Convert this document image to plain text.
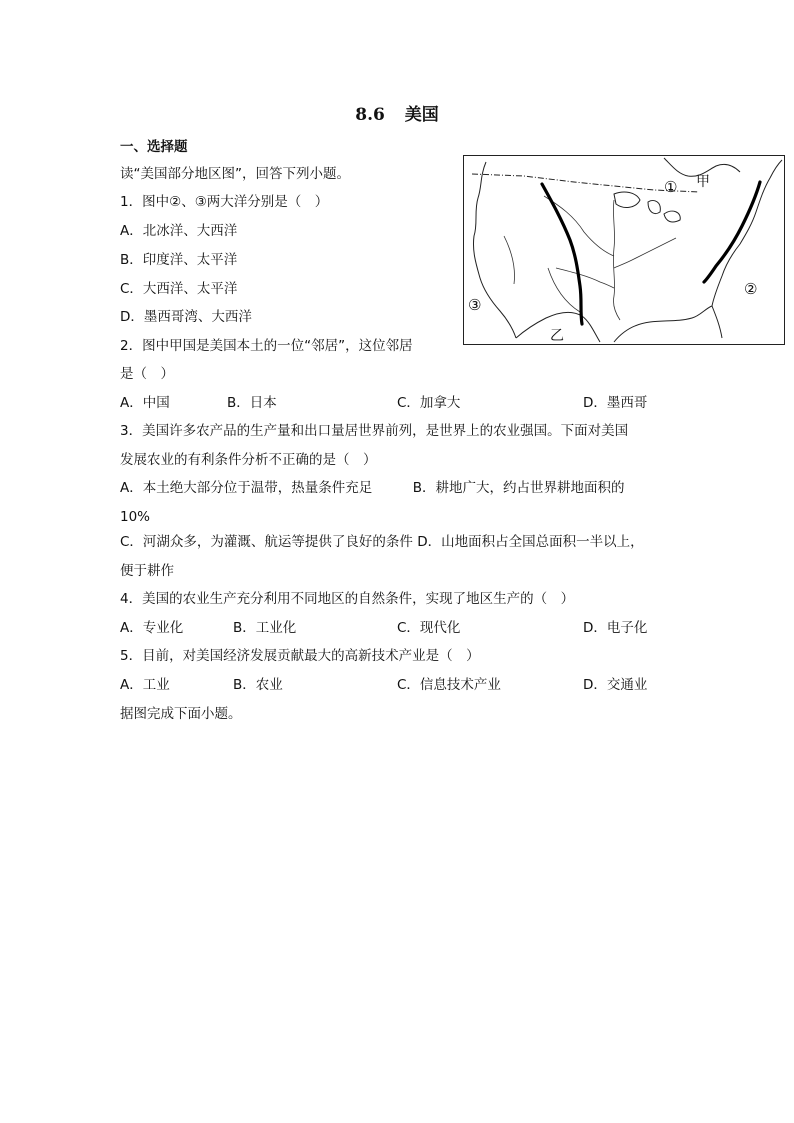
8.6 美国
一、选择题
读“美国部分地区图”，回答下列小题。
1．图中②、③两大洋分别是（　）
A．北冰洋、大西洋
B．印度洋、太平洋
C．大西洋、太平洋
D．墨西哥湾、大西洋
2．图中甲国是美国本土的一位“邻居”，这位邻居
是（　）
A．中国	B．日本	C．加拿大	D．墨西哥
3．美国许多农产品的生产量和出口量居世界前列，是世界上的农业强国。下面对美国
发展农业的有利条件分析不正确的是（　）
A．本土绝大部分位于温带，热量条件充足　　　B．耕地广大，约占世界耕地面积的
10%
C．河湖众多，为灌溉、航运等提供了良好的条件 D．山地面积占全国总面积一半以上，
便于耕作
4．美国的农业生产充分利用不同地区的自然条件，实现了地区生产的（　）
A．专业化	B．工业化	C．现代化	D．电子化
5．目前，对美国经济发展贡献最大的高新技术产业是（　）
A．工业	B．农业	C．信息技术产业	D．交通业
据图完成下面小题。
① 甲
②
③
乙
